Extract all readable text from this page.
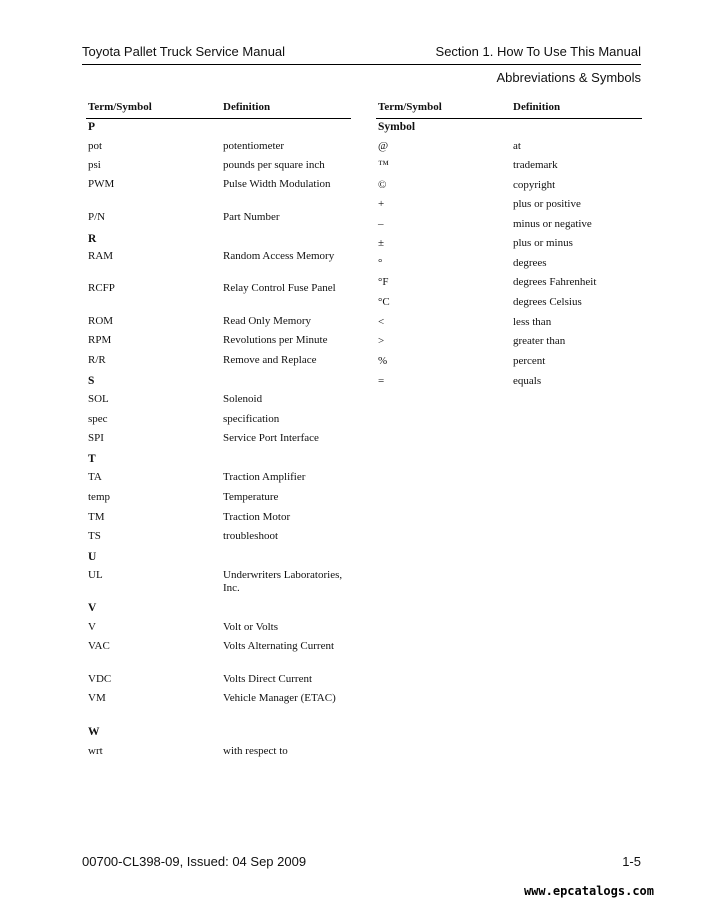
Toyota Pallet Truck Service Manual	Section 1. How To Use This Manual
Abbreviations & Symbols
Term/Symbol	Definition
P
pot	potentiometer
psi	pounds per square inch
PWM	Pulse Width Modulation
P/N	Part Number
R
RAM	Random Access Memory
RCFP	Relay Control Fuse Panel
ROM	Read Only Memory
RPM	Revolutions per Minute
R/R	Remove and Replace
S
SOL	Solenoid
spec	specification
SPI	Service Port Interface
T
TA	Traction Amplifier
temp	Temperature
TM	Traction Motor
TS	troubleshoot
U
UL	Underwriters Laboratories, Inc.
V
V	Volt or Volts
VAC	Volts Alternating Current
VDC	Volts Direct Current
VM	Vehicle Manager (ETAC)
W
wrt	with respect to
Term/Symbol	Definition
Symbol
@	at
™	trademark
©	copyright
+	plus or positive
–	minus or negative
±	plus or minus
°	degrees
°F	degrees Fahrenheit
°C	degrees Celsius
<	less than
>	greater than
%	percent
=	equals
00700-CL398-09, Issued: 04 Sep 2009	1-5
www.epcatalogs.com
